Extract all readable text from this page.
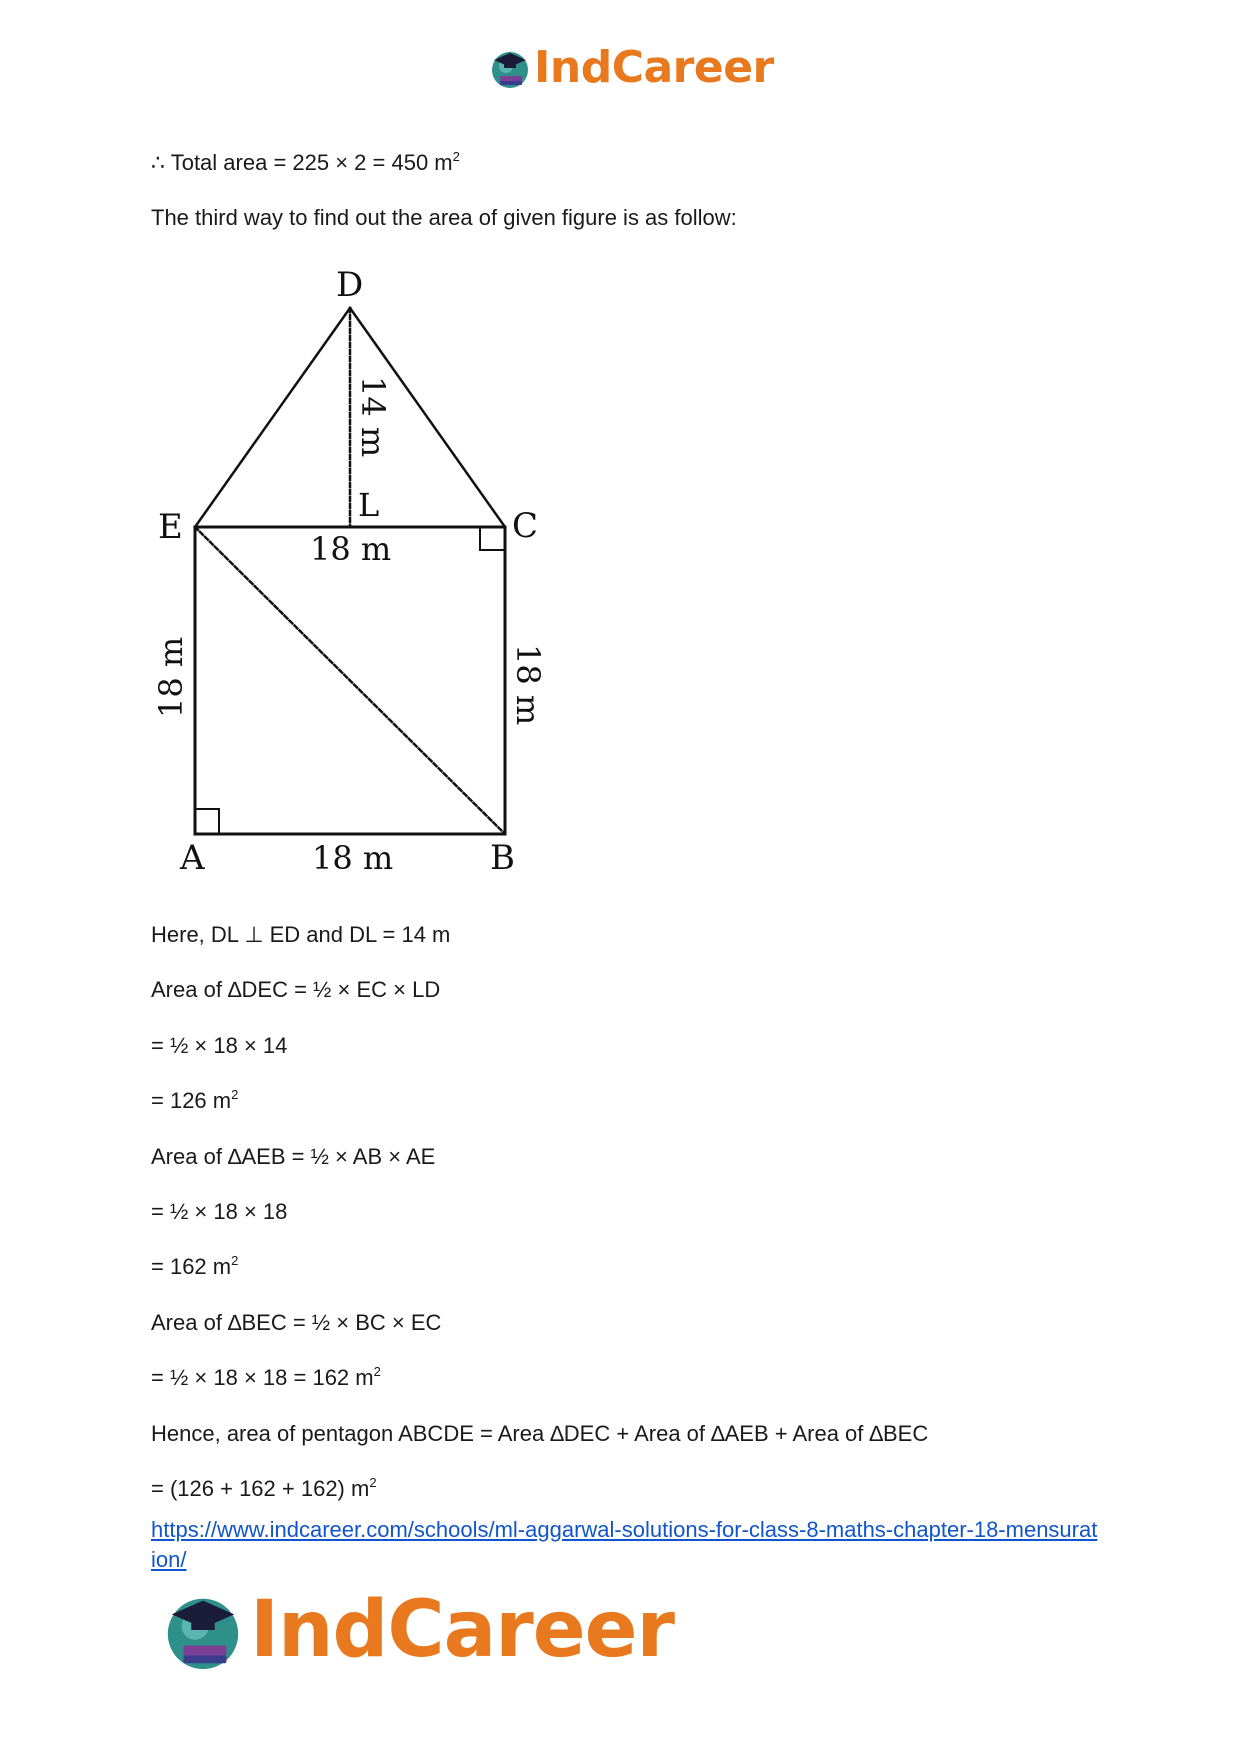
IndCareer

∴ Total area = 225 × 2 = 450 $m^2$

The third way to find out the area of given figure is as follow:

D
E	C
L
A	B
14 m
18 m
18 m	18 m
18 m

Here, DL ⊥ ED and DL = 14 m

Area of ∆DEC = ½ × EC × LD

= ½ × 18 × 14

= 126 $m^2$

Area of ∆AEB = ½ × AB × AE

= ½ × 18 × 18

= 162 $m^2$

Area of ∆BEC = ½ × BC × EC

= ½ × 18 × 18 = 162 $m^2$

Hence, area of pentagon ABCDE = Area ∆DEC + Area of ∆AEB + Area of ∆BEC

= (126 + 162 + 162) $m^2$

https://www.indcareer.com/schools/ml-aggarwal-solutions-for-class-8-maths-chapter-18-mensuration/
IndCareer
